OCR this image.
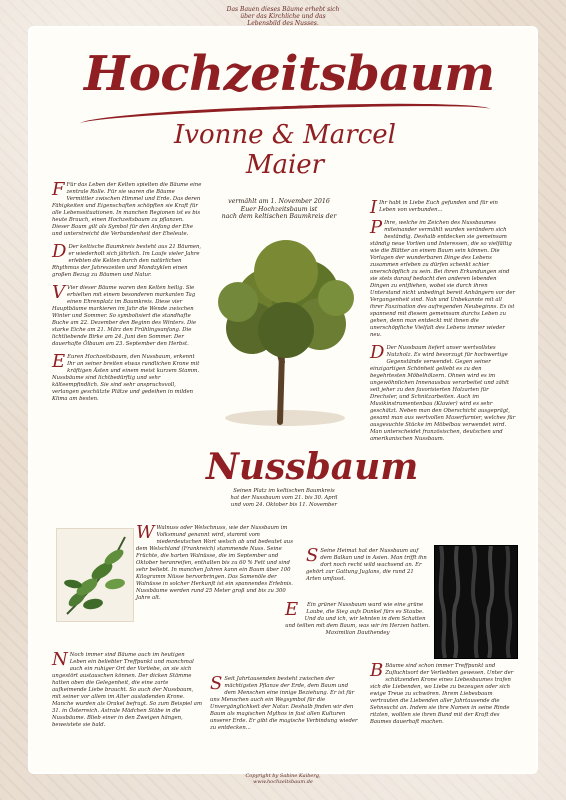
Das Bauen dieses Bäume erhebt sich über das Kirchliche und das Lebensbild des Nusses.
Hochzeitsbaum
Ivonne & Marcel Maier

F Für das Leben der Kelten spielten die Bäume eine zentrale Rolle. Für sie waren die Bäume Vermittler zwischen Himmel und Erde. Das deren Fähigkeiten und Eigenschaften schöpften sie Kraft für alle Lebenssituationen. In manchen Regionen ist es bis heute Brauch, einen Hochzeitsbaum zu pflanzen. Dieser Baum gilt als Symbol für den Anfang der Ehe und unterstreicht die Verbundenheit der Eheleute.

D Der keltische Baumkreis besteht aus 21 Bäumen, er wiederholt sich jährlich. Im Laufe vieler Jahre erlebten die Kelten durch den natürlichen Rhythmus der Jahreszeiten und Mondzyklen einen großen Bezug zu Bäumen und Natur.

V Vier dieser Bäume waren den Kelten heilig. Sie erhielten mit einem besonderen markanten Tag einen Ehrenplatz im Baumkreis. Diese vier Hauptbäume markieren im Jahr die Wende zwischen Winter und Sommer. So symbolisiert die standhafte Buche am 22. Dezember den Beginn des Winters. Die starke Eiche am 21. März den Frühlingsanfang. Die lichtliebende Birke am 24. Juni den Sommer. Der dauerhafte Ölbaum am 23. September den Herbst.

E Euren Hochzeitsbaum, den Nussbaum, erkennt Ihr an seiner breiten etwas rundlichen Krone mit kräftigen Ästen und einem meist kurzem Stamm. Nussbäume sind lichtbedürftig und sehr kälteempfindlich. Sie sind sehr anspruchsvoll, verlangen geschützte Plätze und gedeihen in milden Klima am besten.

W Walnuss oder Welschnuss, wie der Nussbaum im Volksmund genannt wird, stammt vom niederdeutschen Wort welsch ab und bedeutet aus dem Welschland (Frankreich) stammende Nuss. Seine Früchte, die harten Walnüsse, die im September und Oktober heranreifen, enthalten bis zu 60 % Fett und sind sehr beliebt. In manchen Jahren kann ein Baum über 100 Kilogramm Nüsse hervorbringen. Das Samenöle der Walnüsse in solcher Herkunft ist ein spannendes Erlebnis. Nussbäume werden rund 25 Meter groß und bis zu 300 Jahre alt.

N Noch immer sind Bäume auch im heutigen Leben ein beliebter Treffpunkt und manchmal auch ein ruhiger Ort der Vorliebe, an sie sich ungestört austauschen können. Der dicken Stämme hatten oben die Gelegenheit, die eine zarte aufkeimende Liebe braucht. So auch der Nussbaum, mit seiner vor allem im Alter ausladenden Krone. Manche wurden als Orakel befragt. So zum Beispiel am 31. in Österreich. Astrale Mädchen Stäbe in die Nussbäume. Blieb einer in den Zweigen hängen, beweistete sie bald.

vermählt am 1. November 2016
Euer Hochzeitsbaum ist
nach dem keltischen Baumkreis der
Nussbaum
Seinen Platz im keltischen Baumkreis
hat der Nussbaum vom 21. bis 30. April
und vom 24. Oktober bis 11. November

I Ihr habt in Liebe Euch gefunden und für ein Leben von verbunden...

P Ihre, welche im Zeichen des Nussbaumes miteinander vermählt wurden verändern sich beständig. Deshalb entdecken sie gemeinsam ständig neue Vorlien und Interessen, die so vielfältig wie die Blätter an einem Baum sein können. Die Vorlagen der wunderbaren Dinge des Lebens zusammen erleben zu dürfen schenkt schier unerschöpflich zu sein. Bei ihren Erkundungen sind sie stets darauf bedacht den anderen lebenden Dingen zu entfliehen, wobei sie durch ihren Unterstand nicht unbedingt bereit Anhängern vor der Vergangenheit sind. Nah und Unbekannte mit all ihrer Faszination des aufregenden Neubeginns. Es ist spannend mit diesem gemeinsam durchs Leben zu gehen, denn man entdeckt mit ihnen die unerschöpfliche Vielfalt des Lebens immer wieder neu.

D Der Nussbaum liefert unser wertvollstes Nutzholz. Es wird bevorzugt für hochwertige Gegenstände verwendet. Gegen seiner einzigartigen Schönheit geliebt es zu den begehrtesten Möbelhölzern. Ohnen wird es im ungewöhnlichen Innenausbau verarbeitet und zählt seit jeher zu den favorisierten Holzarten für Drechsler, und Schnitzarbeiten. Auch im Musikinstrumentenbau (Klavier) wird es sehr geschätzt. Neben man den Oberschicht ausgeprägt, gesamt man aus wertvollen Maserfurnier, welches für ausgesuchte Stücke im Möbelbau verwendet wird. Man unterscheidet französischen, deutschen und amerikanischen Nussbaum.

S Seine Heimat hat der Nussbaum auf dem Balkan und in Asien. Man trifft ihn dort noch recht wild wachsend an. Er gehört zur Gattung Juglans, die rund 21 Arten umfasst.

E Ein grüner Nussbaum ward wie eine grüne Laube, die Sieg aufs Dunkel fürs es Staube. Und da und ich, wir lehnten in dem Schatten und teilten mit dem Baum, was wir im Herzen hatten. Maximilian Dauthendey

S Seit Jahrtausenden besteht zwischen der mächtigsten Pflanze der Erde, dem Baum und dem Menschen eine innige Beziehung. Er ist für uns Menschen auch ein Wegsymbol für die Unvergänglichkeit der Natur. Deshalb finden wir den Baum als magischen Mythos in fast allen Kulturen unserer Erde. Er gibt die magische Verbindung wieder zu entdecken...

B Bäume sind schon immer Treffpunkt und Zufluchtsort der Verliebten gewesen. Unter der schützenden Krone eines Liebesbaumes trafen sich die Liebenden, wo Liebe zu bezeugen oder sich ewige Treue zu schwören. Ihrem Liebesbaum vertrauten die Liebenden aller Jahrtausende die Sehnsucht an. Indem sie ihre Namen in seine Rinde ritzten, wollten sie ihren Bund mit der Kraft des Baumes dauerhaft machen.

Copyright by Sabine Kaiberg, www.hochzeitsbaum.de
